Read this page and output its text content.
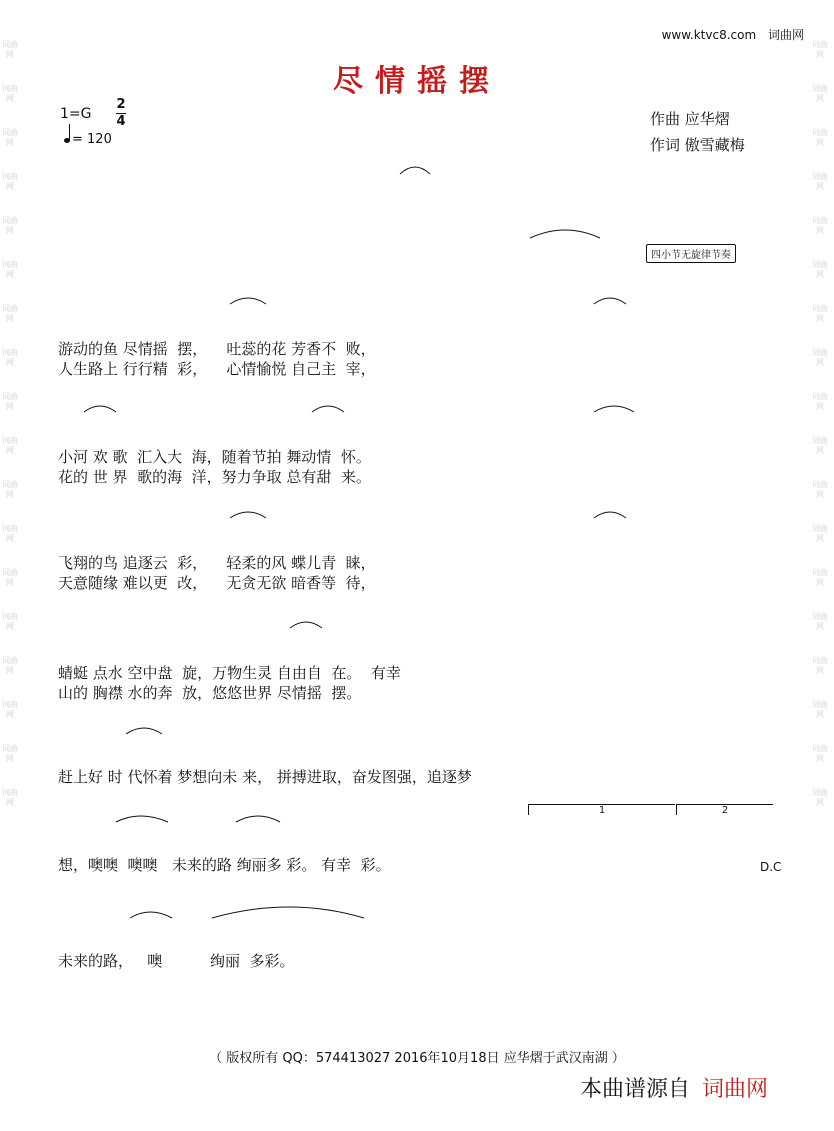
词曲网
词曲网
词曲网
词曲网
词曲网
词曲网
词曲网
词曲网
词曲网
词曲网
词曲网
词曲网
词曲网
词曲网
词曲网
词曲网
词曲网
词曲网
词曲网
词曲网
词曲网
词曲网
词曲网
词曲网
词曲网
词曲网
词曲网
词曲网
词曲网
词曲网
词曲网
词曲网
词曲网
词曲网
词曲网
词曲网
www.ktvc8.com 词曲网
尽情摇摆
1=G
2
4
= 120
作曲 应华熠
作词 傲雪藏梅

四小节无旋律节奏

游动的鱼 尽情摇  摆，    吐蕊的花 芳香不  败，
人生路上 行行精  彩，    心情愉悦 自己主  宰，

小河 欢 歌  汇入大  海，随着节拍 舞动情  怀。
花的 世 界  歌的海  洋，努力争取 总有甜  来。

飞翔的鸟 追逐云  彩，    轻柔的风 蝶儿青  睐，
天意随缘 难以更  改，    无贪无欲 暗香等  待，

蜻蜓 点水 空中盘  旋，万物生灵 自由自  在。  有幸
山的 胸襟 水的奔  放，悠悠世界 尽情摇  摆。

赶上好 时 代怀着 梦想向未 来， 拼搏进取，奋发图强，追逐梦
1	2

想，噢噢  噢噢   未来的路 绚丽多 彩。 有幸  彩。	D.C

未来的路，   噢          绚丽  多彩。
（ 版权所有 QQ：574413027 2016年10月18日 应华熠于武汉南湖 ）
本曲谱源自 词曲网
